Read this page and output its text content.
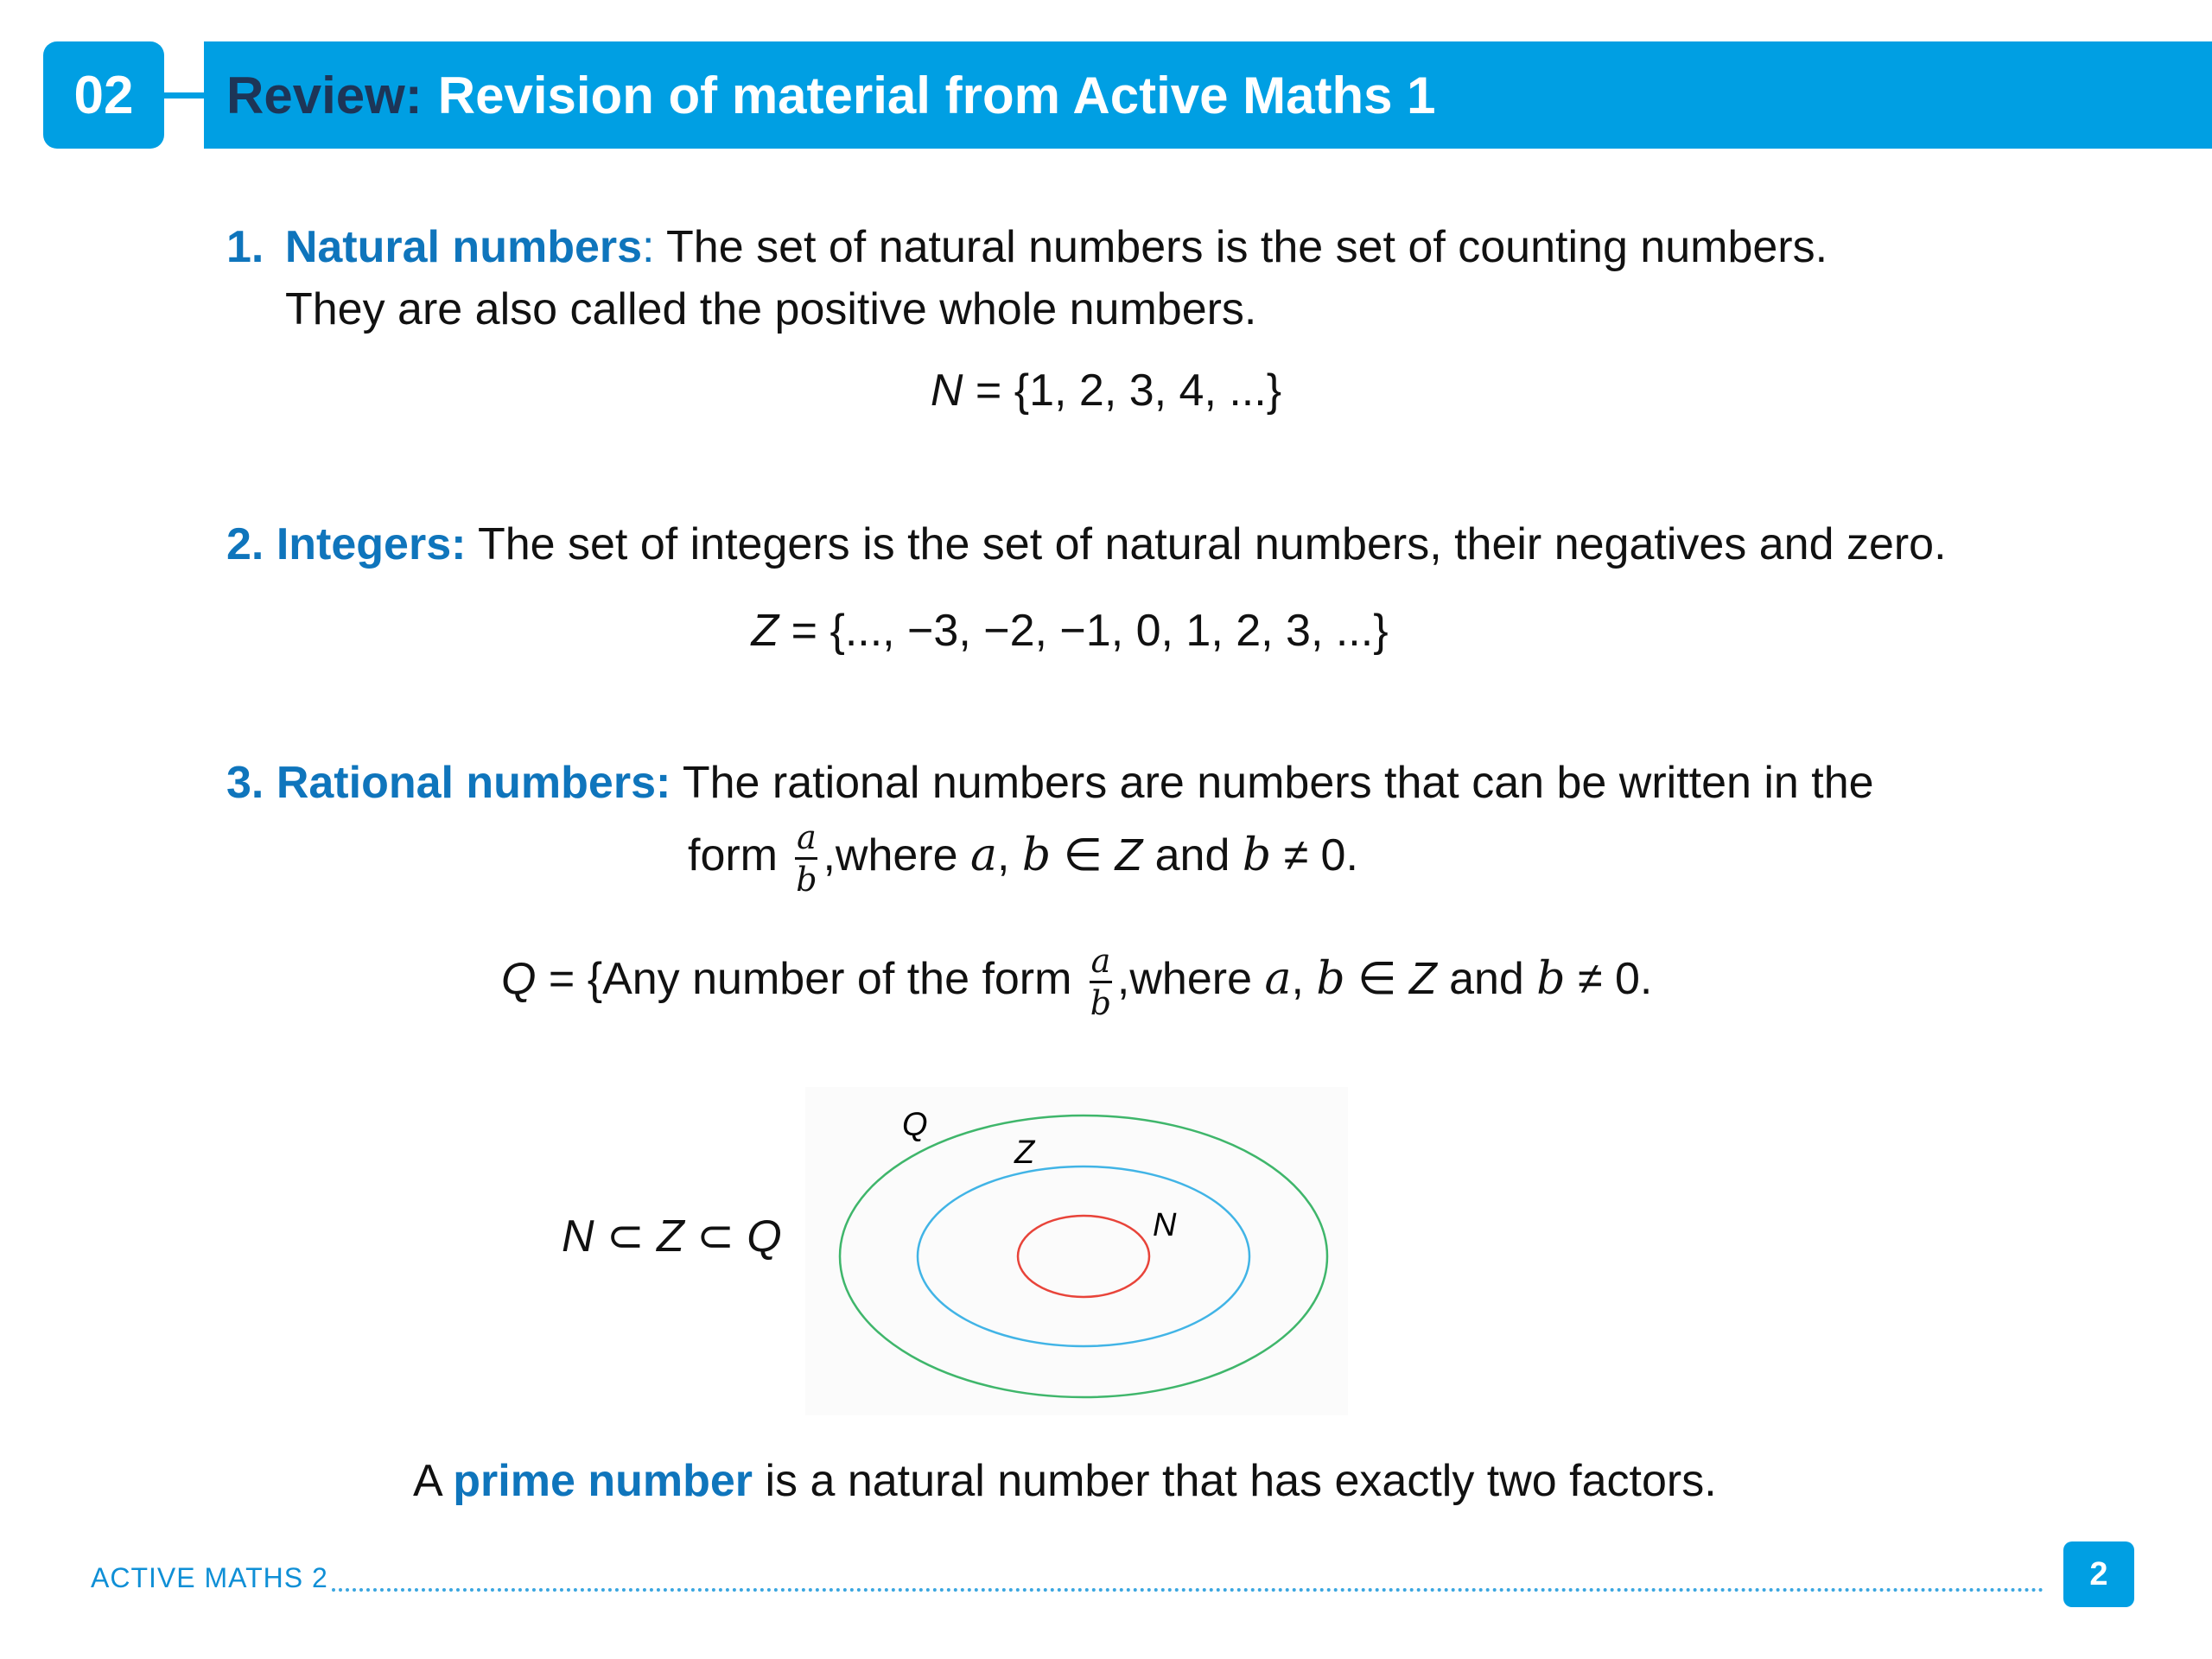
02 Review: Revision of material from Active Maths 1
1. Natural numbers: The set of natural numbers is the set of counting numbers.
They are also called the positive whole numbers.
N = {1, 2, 3, 4, ...}
2. Integers: The set of integers is the set of natural numbers, their negatives and zero.
Z = {..., −3, −2, −1, 0, 1, 2, 3, ...}
3. Rational numbers: The rational numbers are numbers that can be written in the
form $\frac{a}{b}$ ,where a, b ∈ Z and b ≠ 0.
Q = {Any number of the form $\frac{a}{b}$ ,where a, b ∈ Z and b ≠ 0.
N ⊂ Z ⊂ Q
Q
Z
N
A prime number is a natural number that has exactly two factors.
ACTIVE MATHS 2	2
